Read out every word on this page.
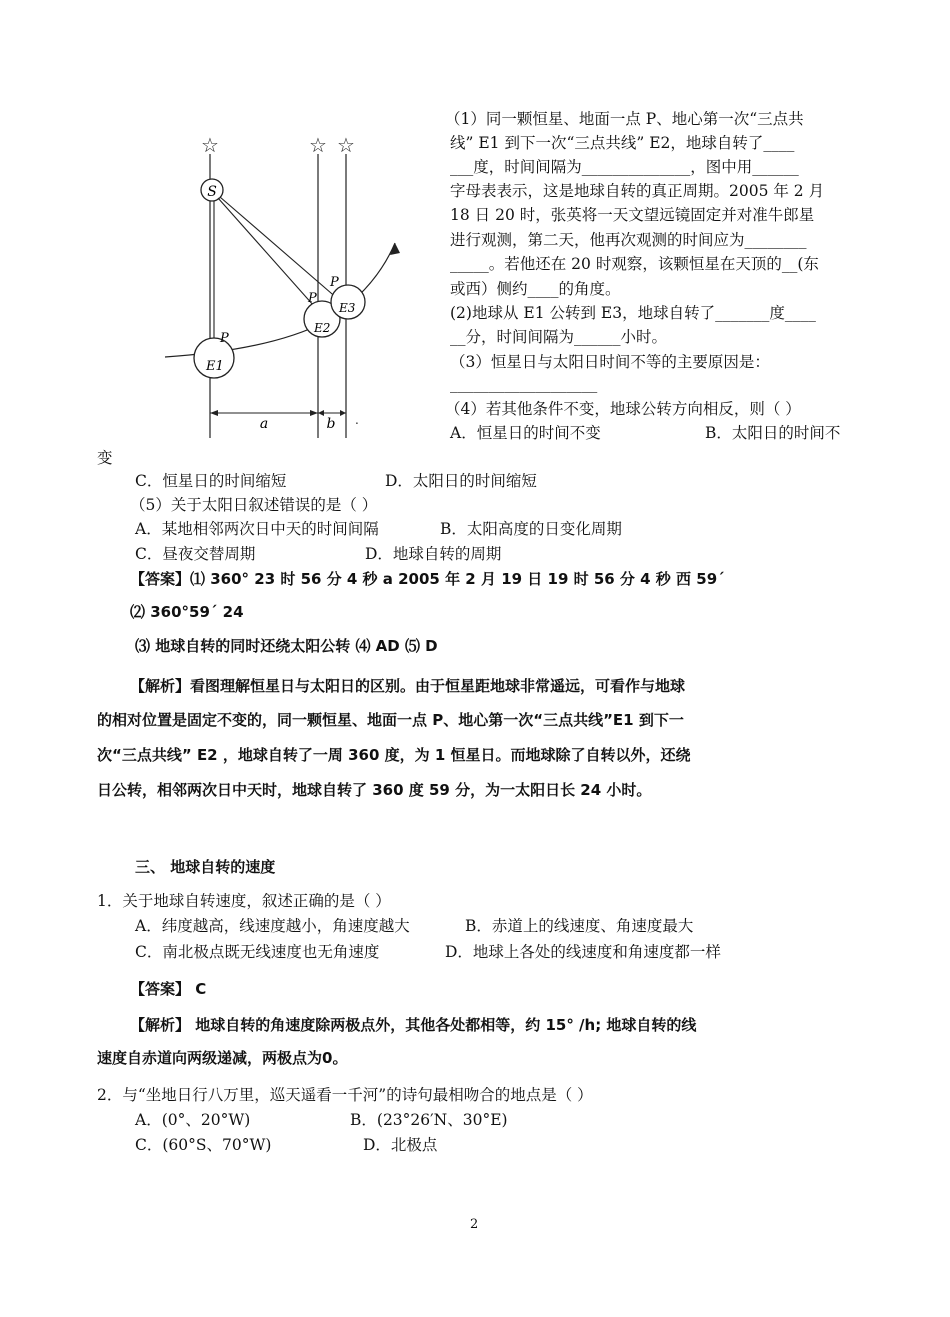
☆	☆ ☆
S
P
E1
P
E2
P
E3
a	b .
（1）同一颗恒星、地面一点 P、地心第一次“三点共
线” E1 到下一次“三点共线” E2，地球自转了____
___度，时间间隔为______________，图中用______
字母表表示，这是地球自转的真正周期。2005 年 2 月
18 日 20 时，张英将一天文望远镜固定并对准牛郎星
进行观测，第二天，他再次观测的时间应为________
_____。若他还在 20 时观察，该颗恒星在天顶的__(东
或西）侧约____的角度。
(2)地球从 E1 公转到 E3，地球自转了_______度____
__分，时间间隔为______小时。
（3）恒星日与太阳日时间不等的主要原因是：
___________________
（4）若其他条件不变，地球公转方向相反，则（ ）
A．恒星日的时间不变	B．太阳日的时间不
变
C．恒星日的时间缩短	D．太阳日的时间缩短
（5）关于太阳日叙述错误的是（ ）
A．某地相邻两次日中天的时间间隔	B．太阳高度的日变化周期
C．昼夜交替周期	D．地球自转的周期
【答案】⑴ 360° 23 时 56 分 4 秒 a 2005 年 2 月 19 日 19 时 56 分 4 秒 西 59´
⑵ 360°59´ 24
⑶ 地球自转的同时还绕太阳公转 ⑷ AD ⑸ D
【解析】看图理解恒星日与太阳日的区别。由于恒星距地球非常遥远，可看作与地球
的相对位置是固定不变的，同一颗恒星、地面一点 P、地心第一次“三点共线”E1 到下一
次“三点共线” E2 ，地球自转了一周 360 度，为 1 恒星日。而地球除了自转以外，还绕
日公转，相邻两次日中天时，地球自转了 360 度 59 分，为一太阳日长 24 小时。
三、 地球自转的速度
1．关于地球自转速度，叙述正确的是（ ）
A．纬度越高，线速度越小，角速度越大	B．赤道上的线速度、角速度最大
C．南北极点既无线速度也无角速度	D．地球上各处的线速度和角速度都一样
【答案】 C
【解析】 地球自转的角速度除两极点外，其他各处都相等，约 15° /h; 地球自转的线
速度自赤道向两级递减，两极点为0。
2．与“坐地日行八万里，巡天遥看一千河”的诗句最相吻合的地点是（ ）
A．(0°、20°W)	B．(23°26′N、30°E)
C．(60°S、70°W)	D．北极点
2
